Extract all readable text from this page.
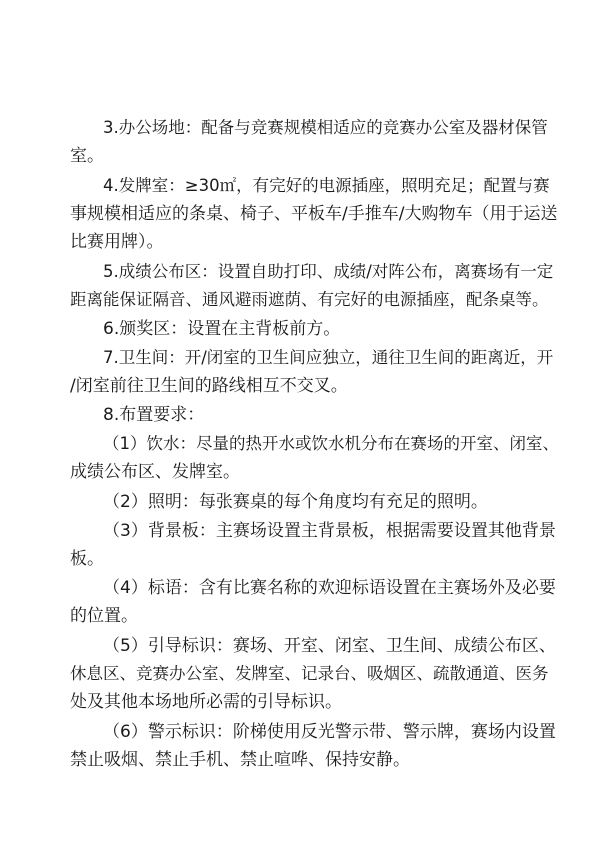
3.办公场地：配备与竞赛规模相适应的竞赛办公室及器材保管
室。
4.发牌室：≥30㎡，有完好的电源插座，照明充足；配置与赛
事规模相适应的条桌、椅子、平板车/手推车/大购物车（用于运送
比赛用牌）。
5.成绩公布区：设置自助打印、成绩/对阵公布，离赛场有一定
距离能保证隔音、通风避雨遮荫、有完好的电源插座，配条桌等。
6.颁奖区：设置在主背板前方。
7.卫生间：开/闭室的卫生间应独立，通往卫生间的距离近，开
/闭室前往卫生间的路线相互不交叉。
8.布置要求：
（1）饮水：尽量的热开水或饮水机分布在赛场的开室、闭室、
成绩公布区、发牌室。
（2）照明：每张赛桌的每个角度均有充足的照明。
（3）背景板：主赛场设置主背景板，根据需要设置其他背景
板。
（4）标语：含有比赛名称的欢迎标语设置在主赛场外及必要
的位置。
（5）引导标识：赛场、开室、闭室、卫生间、成绩公布区、
休息区、竞赛办公室、发牌室、记录台、吸烟区、疏散通道、医务
处及其他本场地所必需的引导标识。
（6）警示标识：阶梯使用反光警示带、警示牌，赛场内设置
禁止吸烟、禁止手机、禁止喧哗、保持安静。
